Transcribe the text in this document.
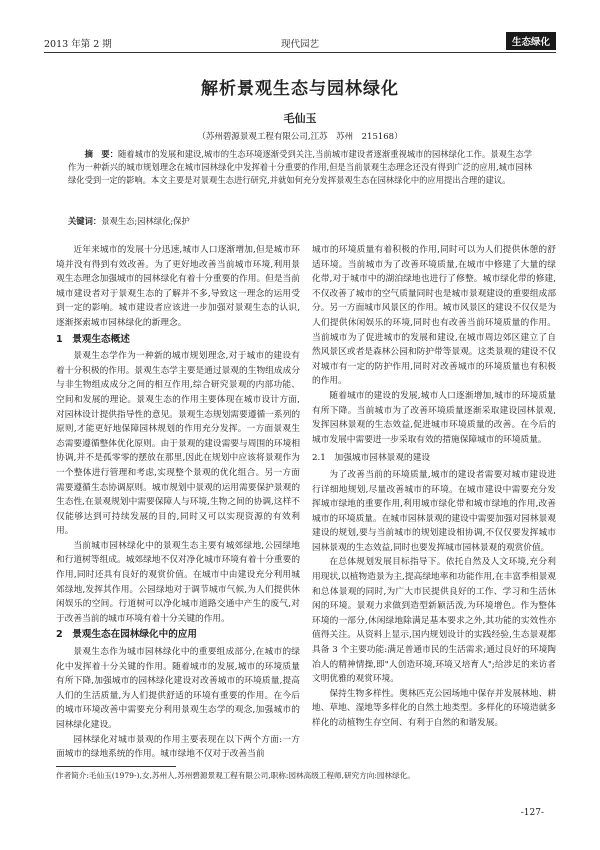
2013 年第 2 期	现代园艺	生态绿化
解析景观生态与园林绿化
毛仙玉
（苏州碧源景观工程有限公司,江苏　苏州　215168）

摘　要：随着城市的发展和建设,城市的生态环境逐渐受到关注,当前城市建设者逐渐重视城市的园林绿化工作。景观生态学作为一种新兴的城市规划理念在城市园林绿化中发挥着十分重要的作用,但是当前景观生态理念还没有得到广泛的应用,城市园林绿化受到一定的影响。本文主要是对景观生态进行研究,并就如何充分发挥景观生态在园林绿化中的应用提出合理的建议。

关键词：景观生态;园林绿化;保护

近年来城市的发展十分迅速,城市人口逐渐增加,但是城市环境并没有得到有效改善。为了更好地改善当前城市环境,利用景观生态理念加强城市的园林绿化有着十分重要的作用。但是当前城市建设者对于景观生态的了解并不多,导致这一理念的运用受到一定的影响。城市建设者应该进一步加强对景观生态的认识,逐渐探索城市园林绿化的新理念。

1　景观生态概述

景观生态学作为一种新的城市规划理念,对于城市的建设有着十分积极的作用。景观生态学主要是通过景观的生物组成成分与非生物组成成分之间的相互作用,综合研究景观的内部功能、空间和发展的理论。景观生态的作用主要体现在城市设计方面,对园林设计提供指导性的意见。景观生态规划需要遵循一系列的原则,才能更好地保障园林规划的作用充分发挥。一方面景观生态需要遵循整体优化原则。由于景观的建设需要与周围的环境相协调,并不是孤零零的摆放在那里,因此在规划中应该将景观作为一个整体进行管理和考虑,实现整个景观的优化组合。另一方面需要遵循生态协调原则。城市规划中景观的运用需要保护景观的生态性,在景观规划中需要保障人与环境,生物之间的协调,这样不仅能够达到可持续发展的目的,同时又可以实现资源的有效利用。

当前城市园林绿化中的景观生态主要有城郊绿地,公园绿地和行道树等组成。城郊绿地不仅对净化城市环境有着十分重要的作用,同时还具有良好的观赏价值。在城市中由建设充分利用城郊绿地,发挥其作用。公园绿地对于调节城市气候,为人们提供休闲娱乐的空间。行道树可以净化城市道路交通中产生的废气,对于改善当前的城市环境有着十分关键的作用。

2　景观生态在园林绿化中的应用

景观生态作为城市园林绿化中的重要组成部分,在城市的绿化中发挥着十分关键的作用。随着城市的发展,城市的环境质量有所下降,加强城市的园林绿化建设对改善城市的环境质量,提高人们的生活质量,为人们提供舒适的环境有重要的作用。在今后的城市环境改善中需要充分利用景观生态学的观念,加强城市的园林绿化建设。

园林绿化对城市景观的作用主要表现在以下两个方面:一方面城市的绿地系统的作用。城市绿地不仅对于改善当前

城市的环境质量有着积极的作用,同时可以为人们提供休憩的舒适环境。当前城市为了改善环境质量,在城市中修建了大量的绿化带,对于城市中的湖泊绿地也进行了修整。城市绿化带的修建,不仅改善了城市的空气质量同时也是城市景观建设的重要组成部分。另一方面城市风景区的作用。城市风景区的建设不仅仅是为人们提供休闲娱乐的环境,同时也有改善当前环境质量的作用。当前城市为了促进城市的发展和建设,在城市周边郊区建立了自然风景区或者是森林公园和防护带等景观。这类景观的建设不仅对城市有一定的防护作用,同时对改善城市的环境质量也有积极的作用。

随着城市的建设的发展,城市人口逐渐增加,城市的环境质量有所下降。当前城市为了改善环境质量逐渐采取建设园林景观,发挥园林景观的生态效益,促进城市环境质量的改善。在今后的城市发展中需要进一步采取有效的措施保障城市的环境质量。

2.1　加强城市园林景观的建设

为了改善当前的环境质量,城市的建设者需要对城市建设进行详细地规划,尽量改善城市的环境。在城市建设中需要充分发挥城市绿地的重要作用,利用城市绿化带和城市绿地的作用,改善城市的环境质量。在城市园林景观的建设中需要加强对园林景观建设的规划,要与当前城市的规划建设相协调,不仅仅要发挥城市园林景观的生态效益,同时也要发挥城市园林景观的观赏价值。

在总体规划发展目标指导下。依托自然及人文环境,充分利用现状,以植物造景为主,提高绿地率和功能作用,在丰富季相景观和总体景观的同时,为广大市民提供良好的工作、学习和生活休闲的环境。景观力求做到造型新颖活泼,为环境增色。作为整体环境的一部分,休闲绿地除满足基本要求之外,其功能的实效性亦值得关注。从资料上显示,国内规划设计的实践经验,生态景观都具备 3 个主要功能:满足普通市民的生活需求;通过良好的环境陶冶人的精神情操,即"人创造环境,环境又培育人";给涉足的来访者文明优雅的观赏环境。

保持生物多样性。奥林匹克公园场地中保存并发展林地、耕地、草地、湿地等多样化的自然土地类型。多样化的环境造就多样化的动植物生存空间、有利于自然的和谐发展。

作者简介:毛仙玉(1979-),女,苏州人,苏州碧源景观工程有限公司,职称:园林高级工程师,研究方向:园林绿化。
-127-
